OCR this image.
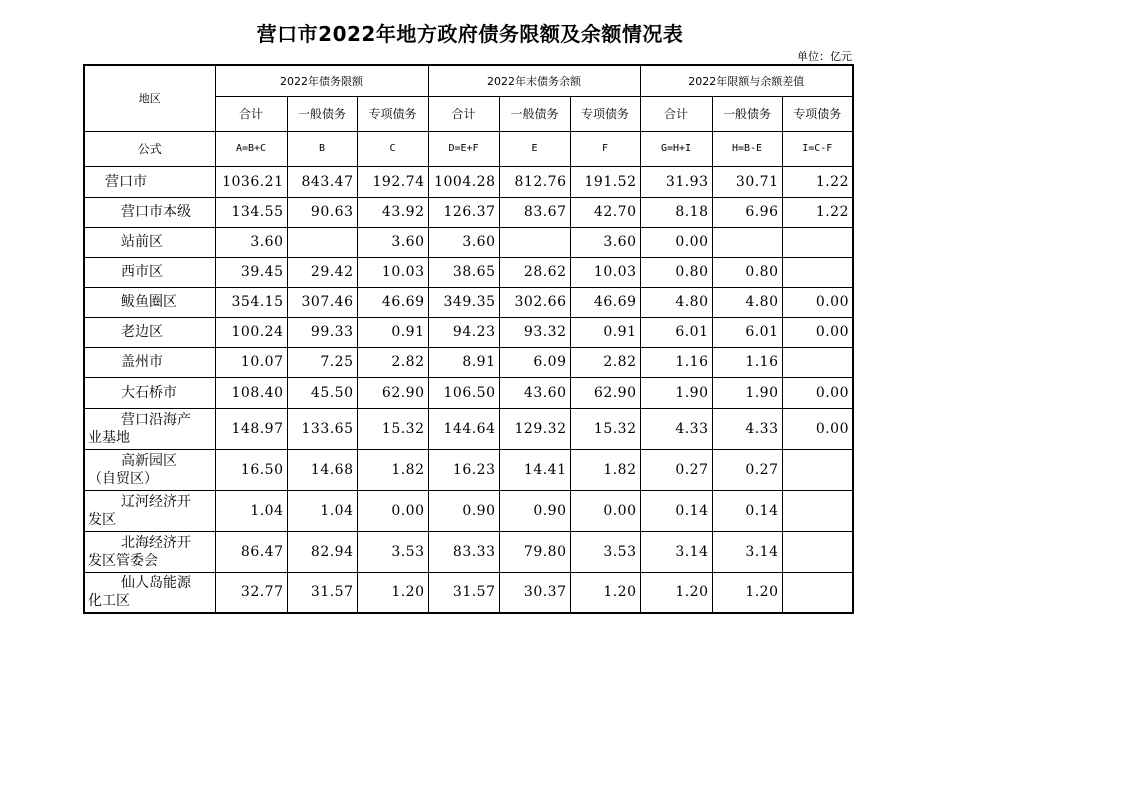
营口市2022年地方政府债务限额及余额情况表
单位：亿元
地区	2022年债务限额			2022年末债务余额			2022年限额与余额差值		
	合计	一般债务	专项债务	合计	一般债务	专项债务	合计	一般债务	专项债务
公式	A=B+C	B	C	D=E+F	E	F	G=H+I	H=B-E	I=C-F
营口市	1036.21	843.47	192.74	1004.28	812.76	191.52	31.93	30.71	1.22
营口市本级	134.55	90.63	43.92	126.37	83.67	42.70	8.18	6.96	1.22
站前区	3.60		3.60	3.60		3.60	0.00		
西市区	39.45	29.42	10.03	38.65	28.62	10.03	0.80	0.80	
鲅鱼圈区	354.15	307.46	46.69	349.35	302.66	46.69	4.80	4.80	0.00
老边区	100.24	99.33	0.91	94.23	93.32	0.91	6.01	6.01	0.00
盖州市	10.07	7.25	2.82	8.91	6.09	2.82	1.16	1.16	
大石桥市	108.40	45.50	62.90	106.50	43.60	62.90	1.90	1.90	0.00

营口沿海产
业基地	148.97	133.65	15.32	144.64	129.32	15.32	4.33	4.33	0.00

高新园区
（自贸区）	16.50	14.68	1.82	16.23	14.41	1.82	0.27	0.27	

辽河经济开
发区	1.04	1.04	0.00	0.90	0.90	0.00	0.14	0.14	

北海经济开
发区管委会	86.47	82.94	3.53	83.33	79.80	3.53	3.14	3.14	

仙人岛能源
化工区	32.77	31.57	1.20	31.57	30.37	1.20	1.20	1.20	
